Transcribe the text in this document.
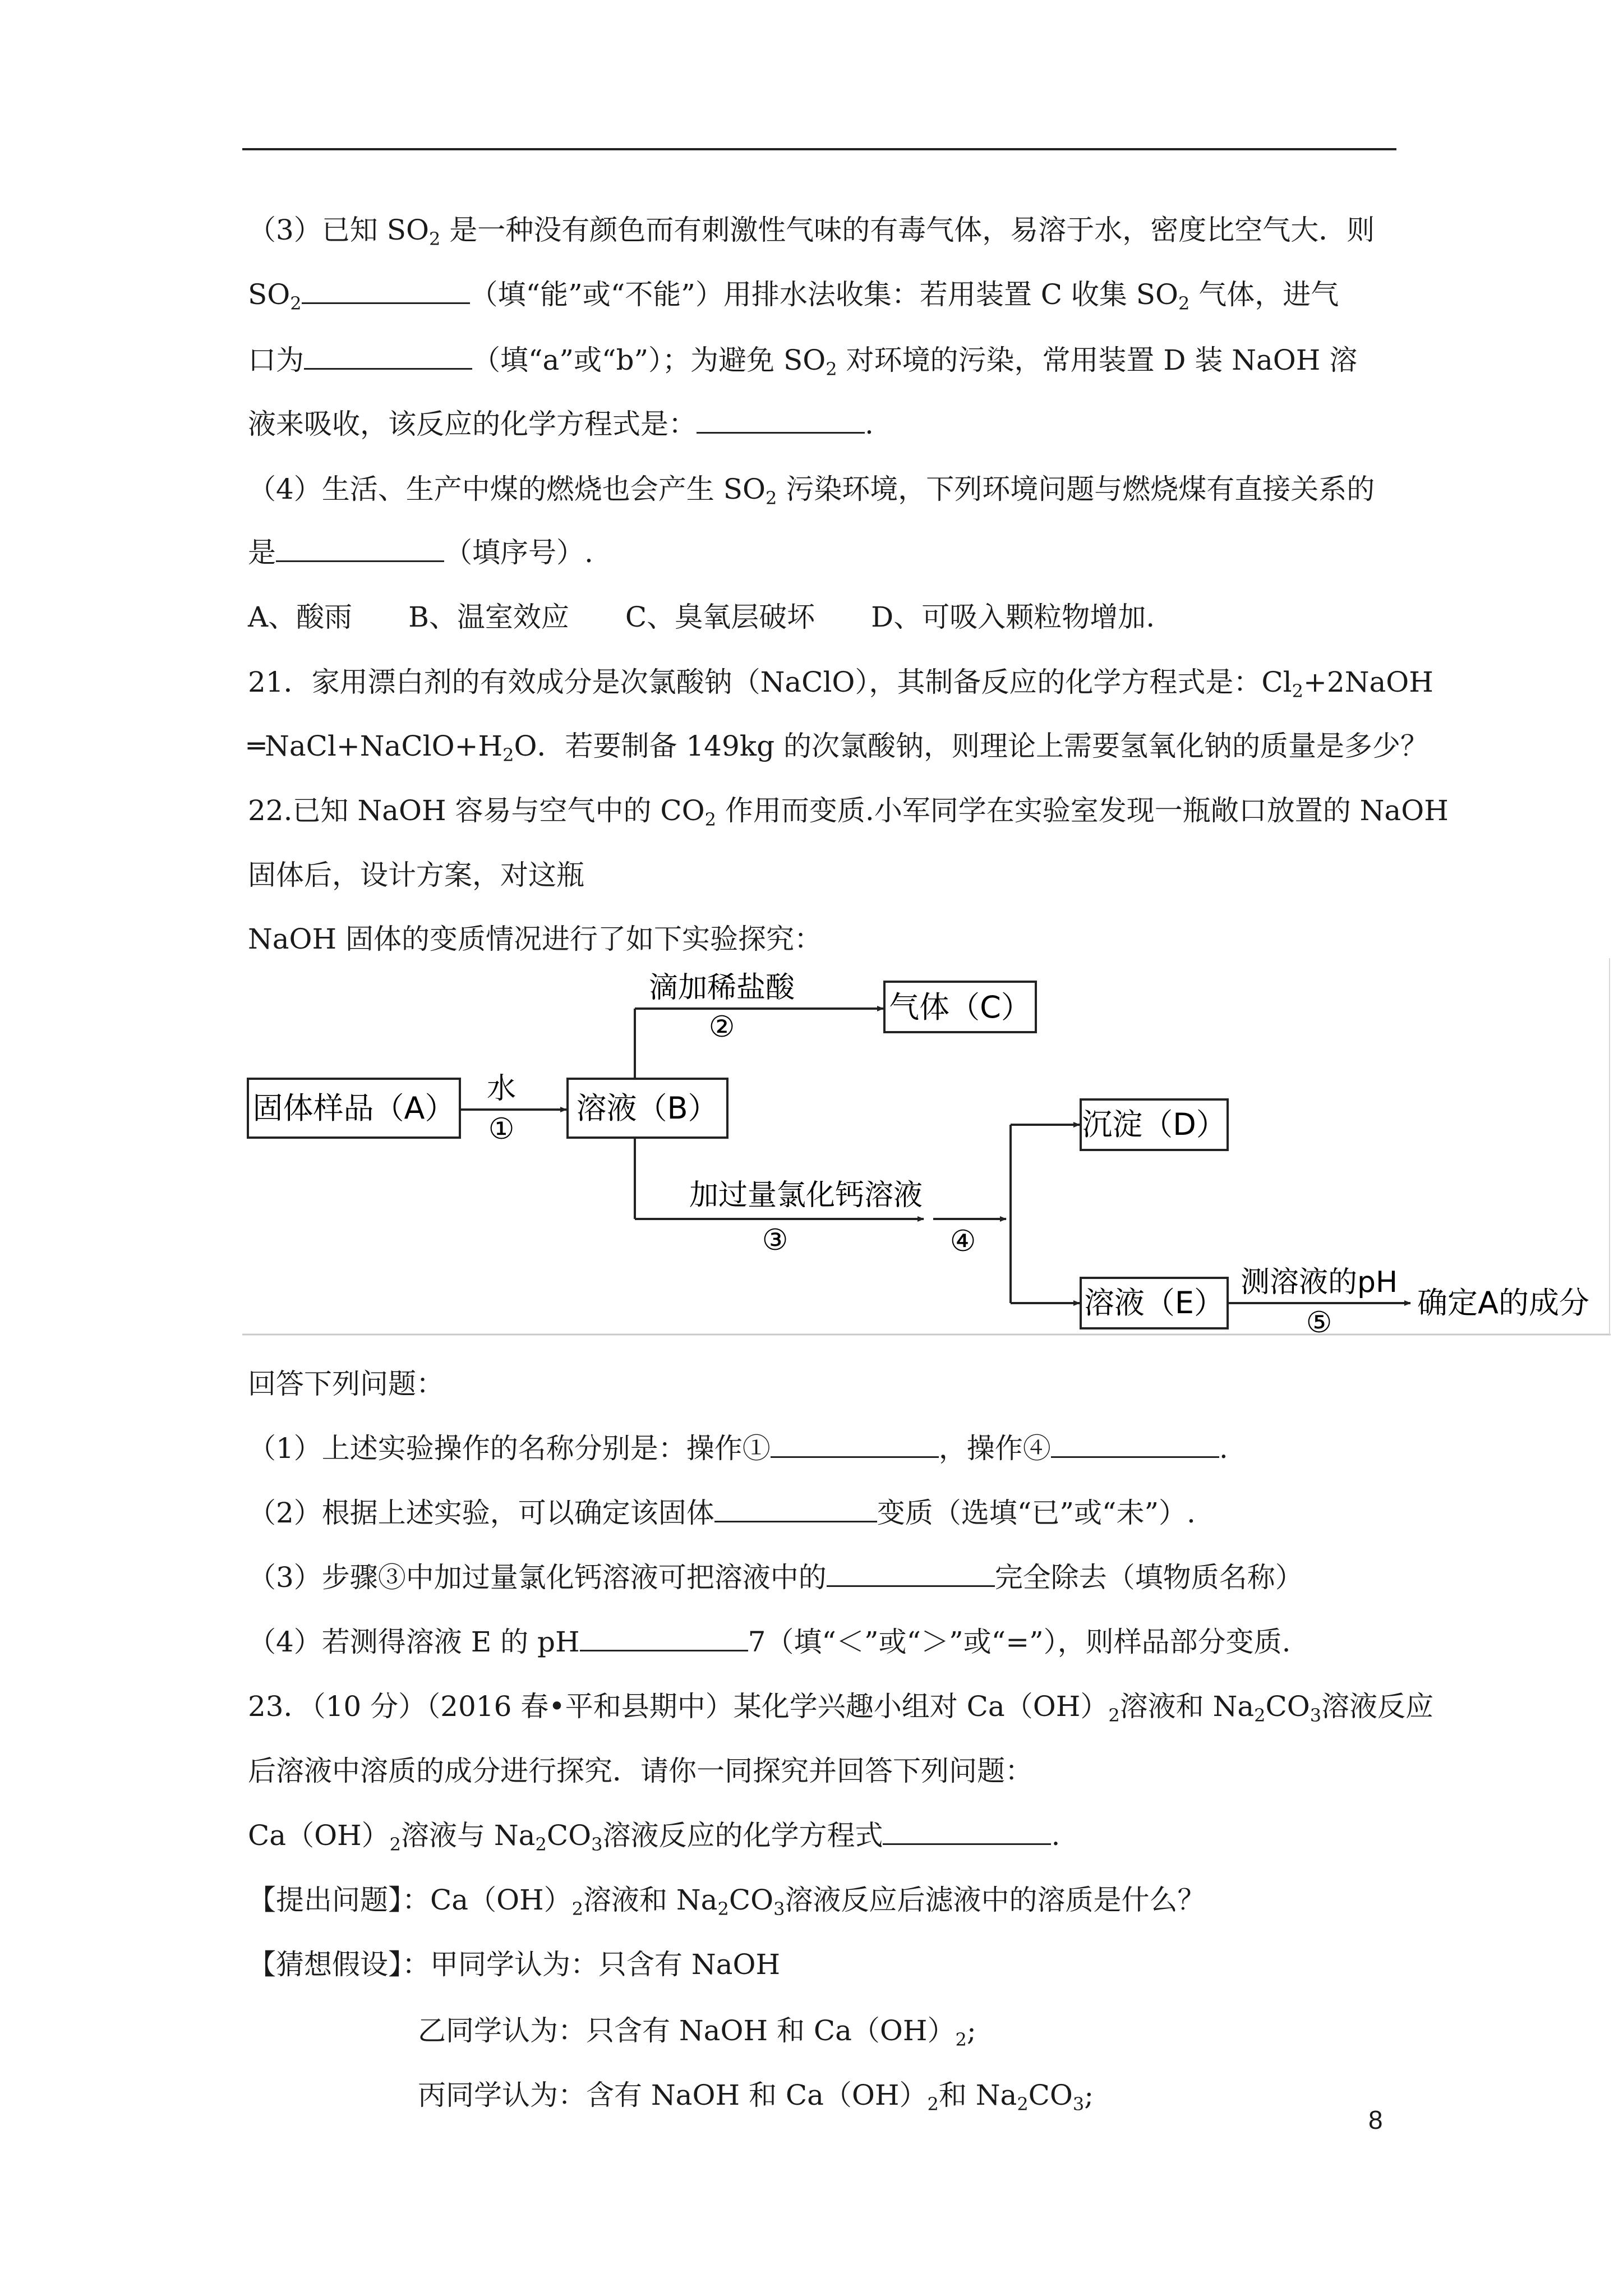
（3）已知 $SO_2$ 是一种没有颜色而有刺激性气味的有毒气体，易溶于水，密度比空气大．则
$SO_2$	（填“能”或“不能”）用排水法收集：若用装置 C 收集 $SO_2$ 气体，进气
口为	（填“a”或“b”）；为避免 $SO_2$ 对环境的污染，常用装置 D 装 NaOH 溶
液来吸收，该反应的化学方程式是：	.
（4）生活、生产中煤的燃烧也会产生 $SO_2$ 污染环境，下列环境问题与燃烧煤有直接关系的
是	（填序号）.
A、酸雨　　B、温室效应　　C、臭氧层破坏　　D、可吸入颗粒物增加.
21．家用漂白剂的有效成分是次氯酸钠（NaClO），其制备反应的化学方程式是：$Cl_2+2NaOH$
$═NaCl+NaClO+H_2O$．若要制备 149kg 的次氯酸钠，则理论上需要氢氧化钠的质量是多少？
22.已知 NaOH 容易与空气中的 $CO_2$ 作用而变质.小军同学在实验室发现一瓶敞口放置的 NaOH
固体后，设计方案，对这瓶
NaOH 固体的变质情况进行了如下实验探究：
固体样品（A）	溶液（B）
气体（C）
沉淀（D）
溶液（E）
水
①
滴加稀盐酸
②
加过量氯化钙溶液
③	④
测溶液的pH
⑤
确定A的成分
回答下列问题：
（1）上述实验操作的名称分别是：操作①	，操作④	.
（2）根据上述实验，可以确定该固体	变质（选填“已”或“未”）.
（3）步骤③中加过量氯化钙溶液可把溶液中的	完全除去（填物质名称）
（4）若测得溶液 E 的 pH	7（填“＜”或“＞”或“=”），则样品部分变质.
23．（10 分）（2016 春•平和县期中）某化学兴趣小组对 $Ca(OH)_2$溶液和 $Na_2CO_3$溶液反应
后溶液中溶质的成分进行探究．请你一同探究并回答下列问题：
$Ca(OH)_2$溶液与 $Na_2CO_3$溶液反应的化学方程式	.
【提出问题】：$Ca(OH)_2$溶液和 $Na_2CO_3$溶液反应后滤液中的溶质是什么？
【猜想假设】：甲同学认为：只含有 NaOH
乙同学认为：只含有 NaOH 和 $Ca(OH)_2$;
丙同学认为：含有 NaOH 和 $Ca(OH)_2$和 $Na_2CO_3$;
8
